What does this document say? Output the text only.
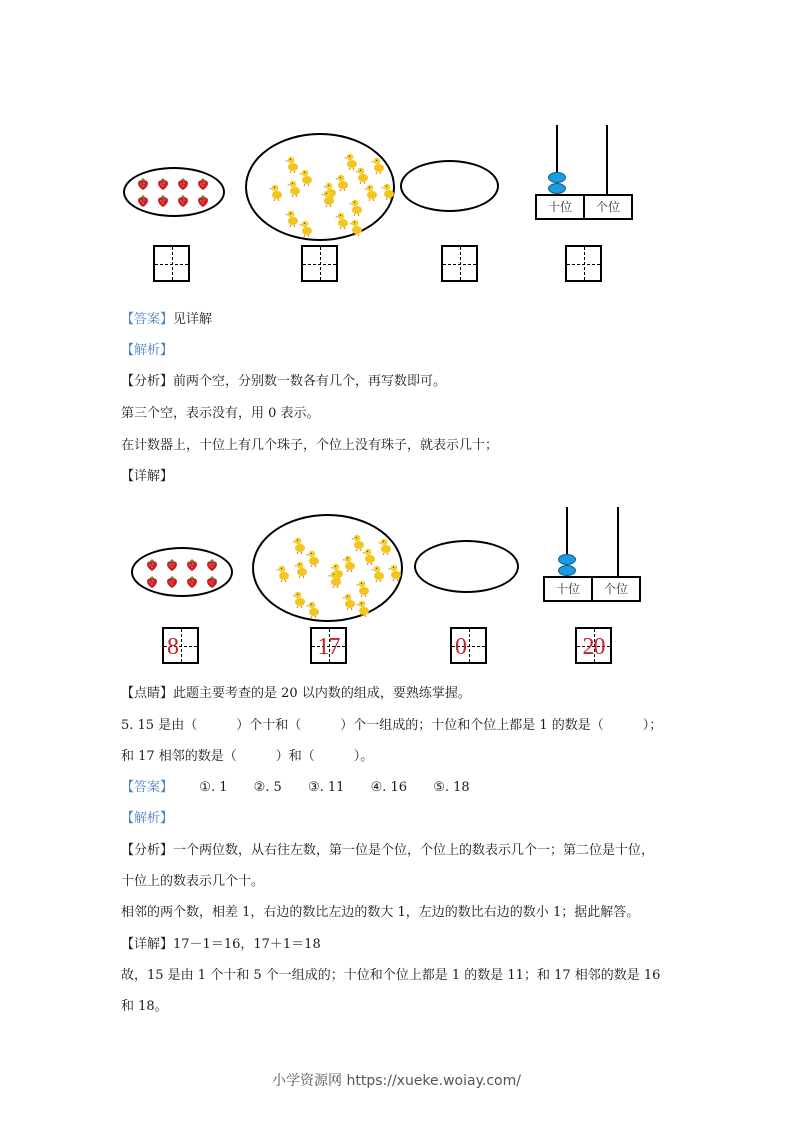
十位	个位
【答案】见详解
【解析】
【分析】前两个空，分别数一数各有几个，再写数即可。
第三个空，表示没有，用 0 表示。
在计数器上，十位上有几个珠子，个位上没有珠子，就表示几十；
【详解】
十位	个位
8	17	0	20
【点睛】此题主要考查的是 20 以内数的组成，要熟练掌握。
5. 15 是由（　　　）个十和（　　　）个一组成的；十位和个位上都是 1 的数是（　　　）；
和 17 相邻的数是（　　　）和（　　　）。
【答案】 ①. 1 ②. 5 ③. 11 ④. 16 ⑤. 18
【解析】
【分析】一个两位数，从右往左数，第一位是个位，个位上的数表示几个一；第二位是十位，
十位上的数表示几个十。
相邻的两个数，相差 1，右边的数比左边的数大 1，左边的数比右边的数小 1；据此解答。
【详解】17－1＝16，17＋1＝18
故，15 是由 1 个十和 5 个一组成的；十位和个位上都是 1 的数是 11；和 17 相邻的数是 16
和 18。
小学资源网 https://xueke.woiay.com/
